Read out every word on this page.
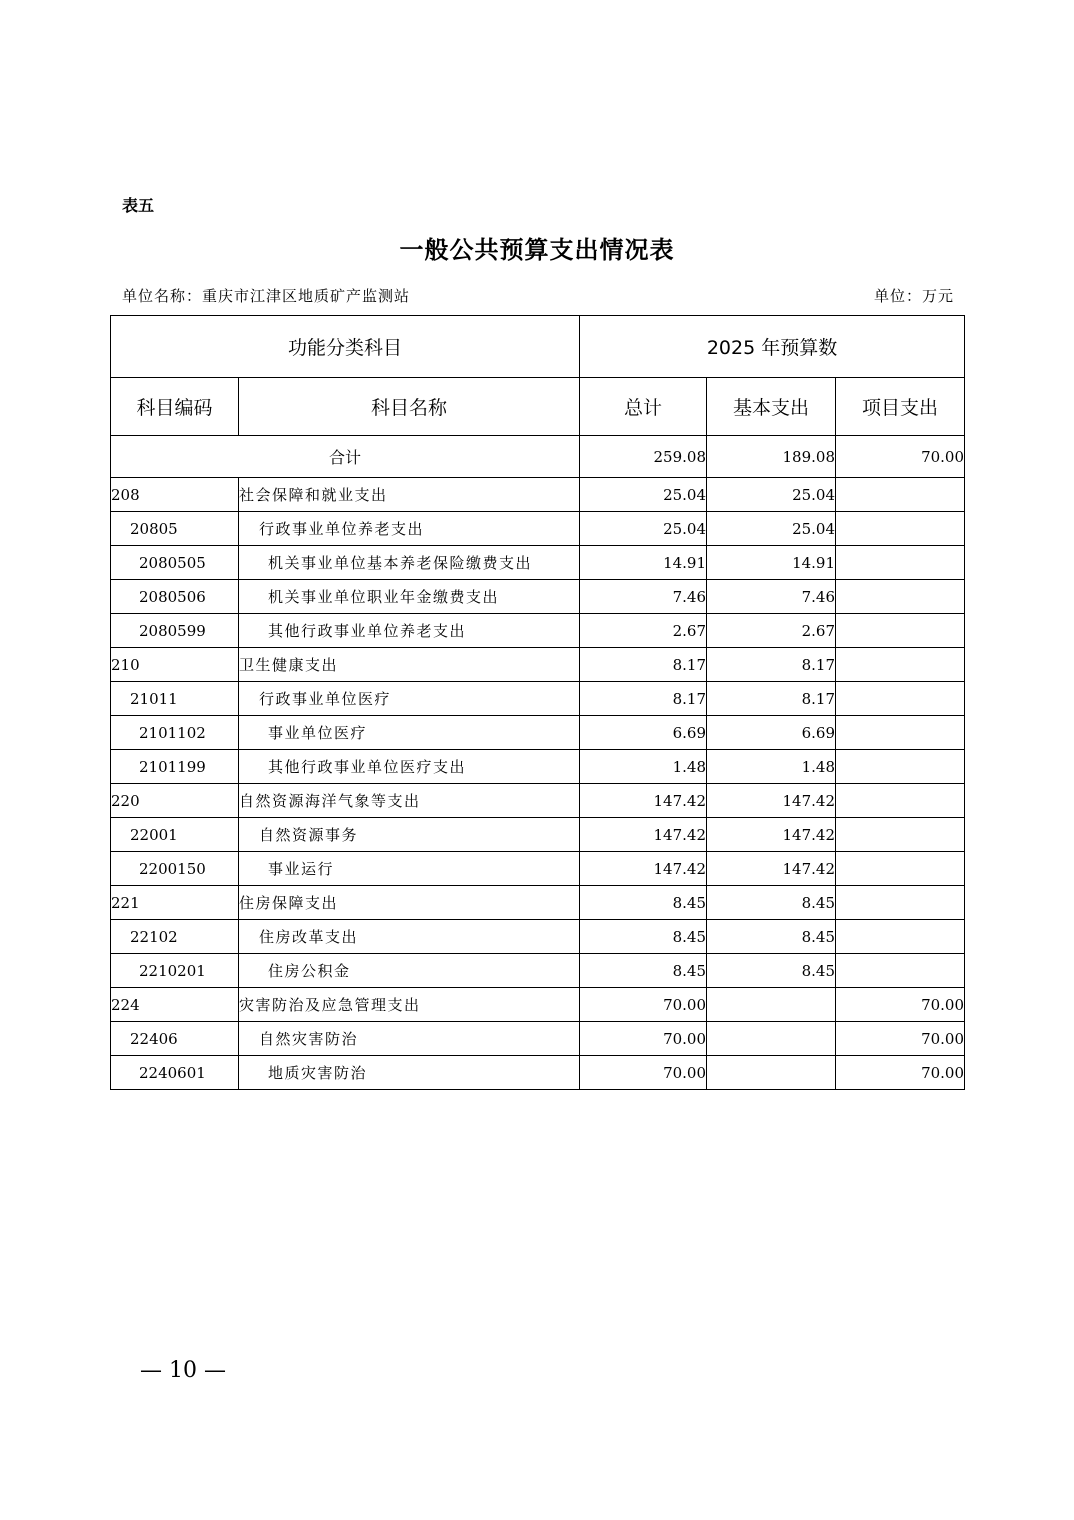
表五
一般公共预算支出情况表
单位名称：重庆市江津区地质矿产监测站	单位：万元
功能分类科目		2025 年预算数		
科目编码	科目名称	总计	基本支出	项目支出
合计		259.08	189.08	70.00
208	社会保障和就业支出	25.04	25.04	
20805	行政事业单位养老支出	25.04	25.04	
2080505	机关事业单位基本养老保险缴费支出	14.91	14.91	
2080506	机关事业单位职业年金缴费支出	7.46	7.46	
2080599	其他行政事业单位养老支出	2.67	2.67	
210	卫生健康支出	8.17	8.17	
21011	行政事业单位医疗	8.17	8.17	
2101102	事业单位医疗	6.69	6.69	
2101199	其他行政事业单位医疗支出	1.48	1.48	
220	自然资源海洋气象等支出	147.42	147.42	
22001	自然资源事务	147.42	147.42	
2200150	事业运行	147.42	147.42	
221	住房保障支出	8.45	8.45	
22102	住房改革支出	8.45	8.45	
2210201	住房公积金	8.45	8.45	
224	灾害防治及应急管理支出	70.00		70.00
22406	自然灾害防治	70.00		70.00
2240601	地质灾害防治	70.00		70.00
— 10 —
